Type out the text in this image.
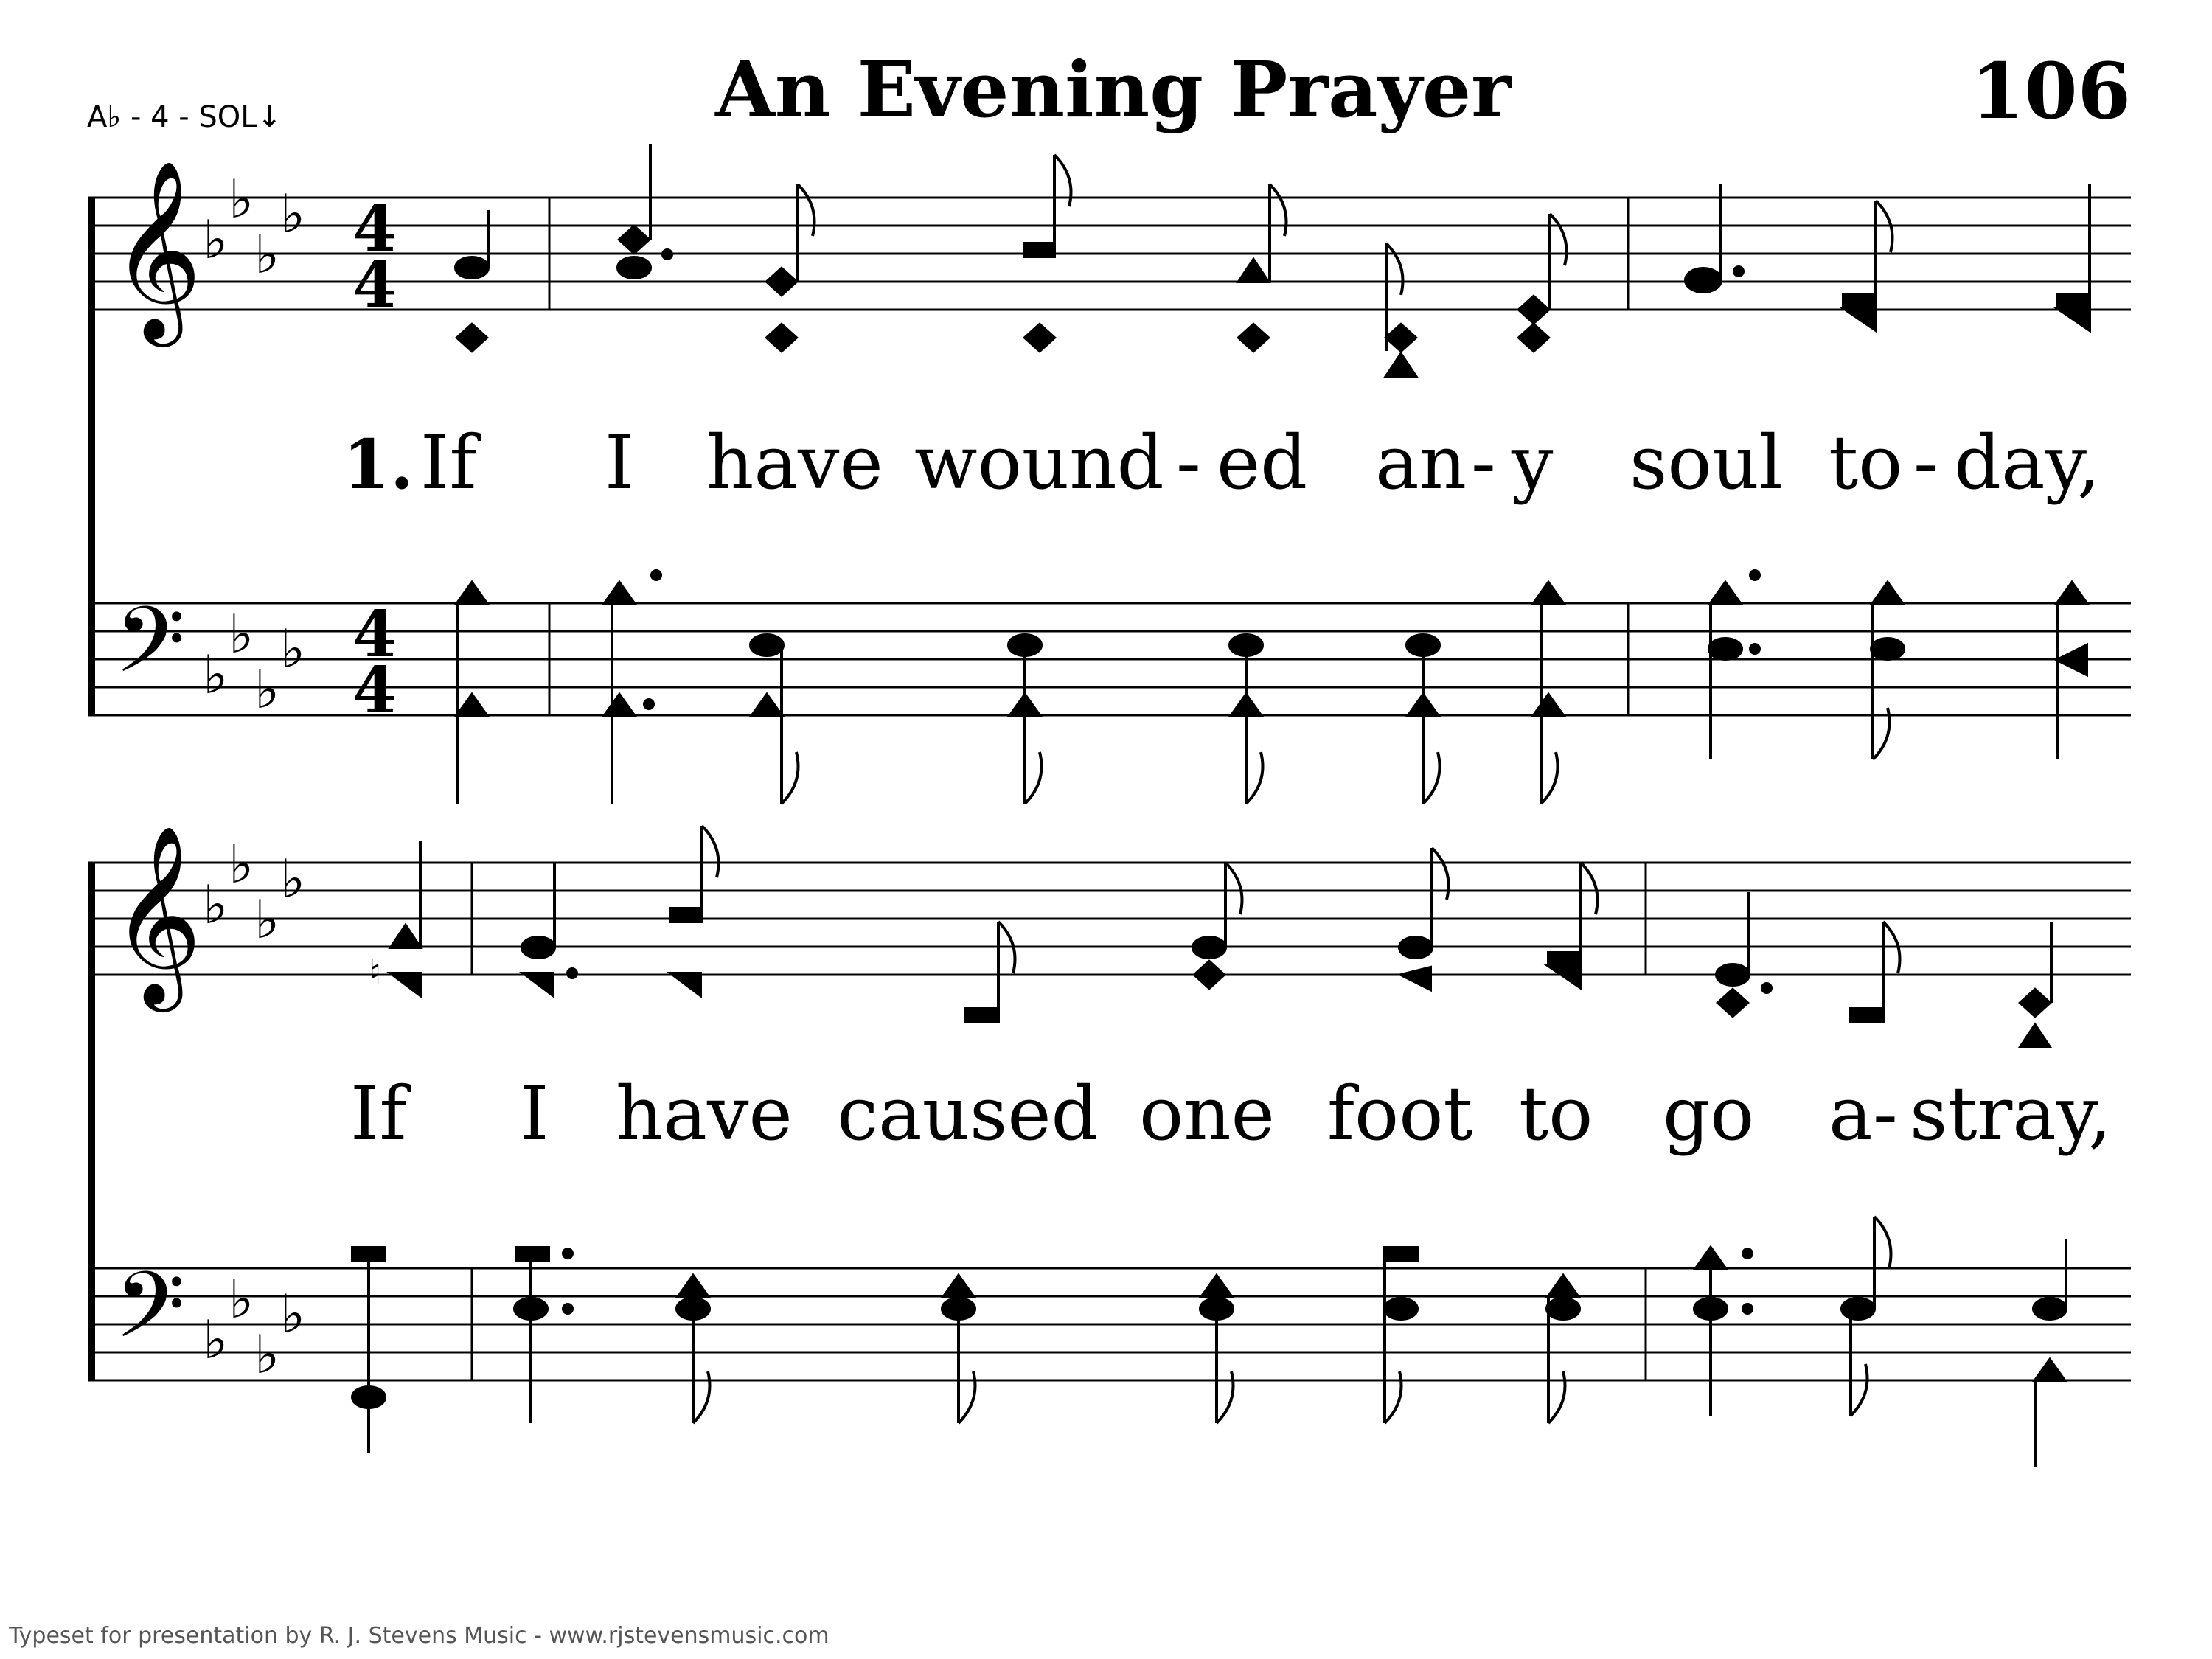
A♭ - 4 - SOL↓	An Evening Prayer	106
𝄞
𝄢
𝄞
𝄢
♭
♭
♭
♭
♭
♭
♭
♭
♭
♭
♭
♭
♭
♭
♭
♭
4
4
4
4
♮
1. If I have wound - ed an - y soul to - day,
If I have caused one foot to go a - stray,
Typeset for presentation by R. J. Stevens Music - www.rjstevensmusic.com
